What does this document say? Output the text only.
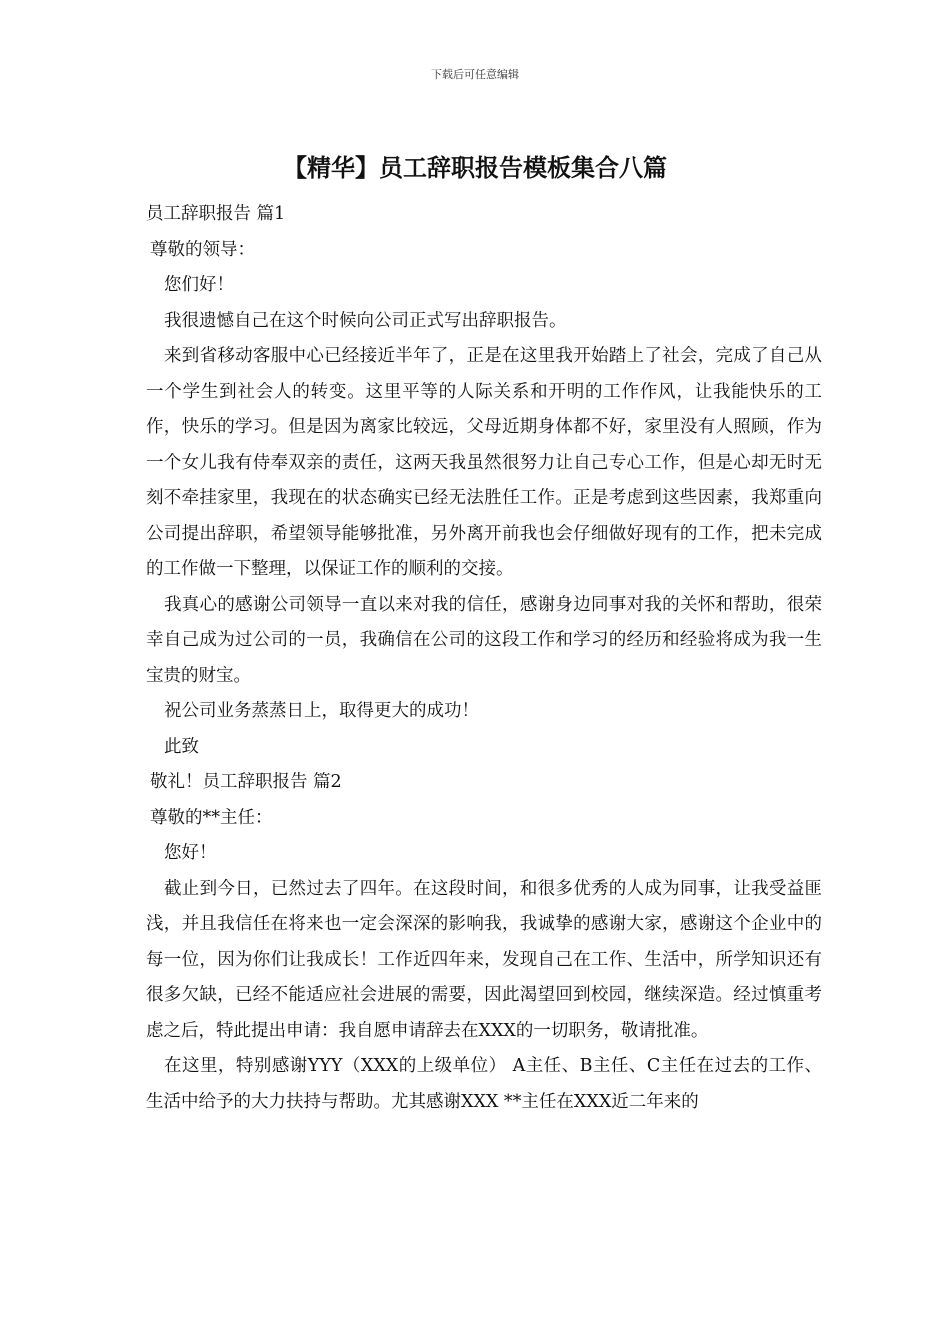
下载后可任意编辑
【精华】员工辞职报告模板集合八篇

员工辞职报告 篇1

尊敬的领导：

您们好！

我很遗憾自己在这个时候向公司正式写出辞职报告。

来到省移动客服中心已经接近半年了，正是在这里我开始踏上了社会，完成了自己从一个学生到社会人的转变。这里平等的人际关系和开明的工作作风，让我能快乐的工作，快乐的学习。但是因为离家比较远，父母近期身体都不好，家里没有人照顾，作为一个女儿我有侍奉双亲的责任，这两天我虽然很努力让自己专心工作，但是心却无时无刻不牵挂家里，我现在的状态确实已经无法胜任工作。正是考虑到这些因素，我郑重向公司提出辞职，希望领导能够批准，另外离开前我也会仔细做好现有的工作，把未完成的工作做一下整理，以保证工作的顺利的交接。

我真心的感谢公司领导一直以来对我的信任，感谢身边同事对我的关怀和帮助，很荣幸自己成为过公司的一员，我确信在公司的这段工作和学习的经历和经验将成为我一生宝贵的财宝。

祝公司业务蒸蒸日上，取得更大的成功！

此致

敬礼！员工辞职报告 篇2

尊敬的**主任：

您好！

截止到今日，已然过去了四年。在这段时间，和很多优秀的人成为同事，让我受益匪浅，并且我信任在将来也一定会深深的影响我，我诚挚的感谢大家，感谢这个企业中的每一位，因为你们让我成长！工作近四年来，发现自己在工作、生活中，所学知识还有很多欠缺，已经不能适应社会进展的需要，因此渴望回到校园，继续深造。经过慎重考虑之后，特此提出申请：我自愿申请辞去在XXX的一切职务，敬请批准。

在这里，特别感谢YYY（XXX的上级单位） A主任、B主任、C主任在过去的工作、生活中给予的大力扶持与帮助。尤其感谢XXX **主任在XXX近二年来的
